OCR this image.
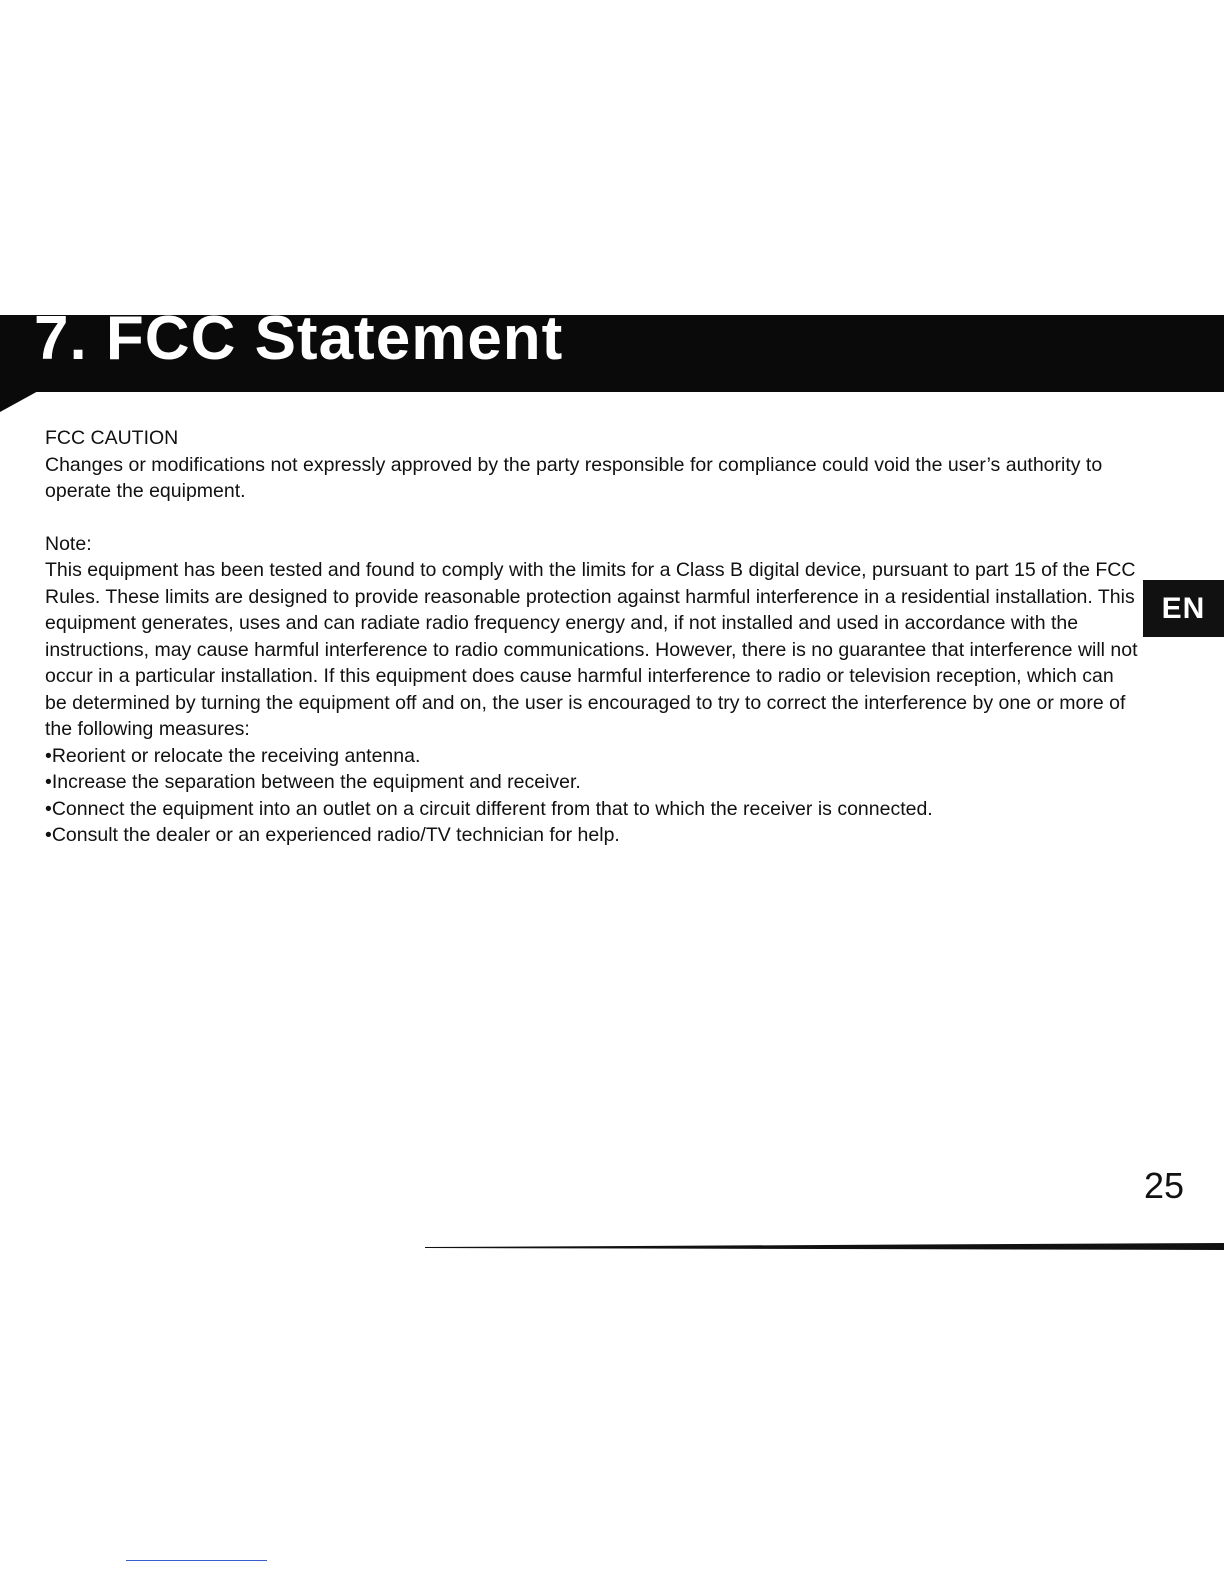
7. FCC Statement

FCC CAUTION

Changes or modifications not expressly approved by the party responsible for compliance could void the user’s authority to operate the equipment.

Note:

This equipment has been tested and found to comply with the limits for a Class B digital device, pursuant to part 15 of the FCC Rules. These limits are designed to provide reasonable protection against harmful interference in a residential installation. This equipment generates, uses and can radiate radio frequency energy and, if not installed and used in accordance with the instructions, may cause harmful interference to radio communications. However, there is no guarantee that interference will not occur in a particular installation. If this equipment does cause harmful interference to radio or television reception, which can be determined by turning the equipment off and on, the user is encouraged to try to correct the interference by one or more of the following measures:

• Reorient or relocate the receiving antenna.
• Increase the separation between the equipment and receiver.
• Connect the equipment into an outlet on a circuit different from that to which the receiver is connected.
• Consult the dealer or an experienced radio/TV technician for help.
EN
25
